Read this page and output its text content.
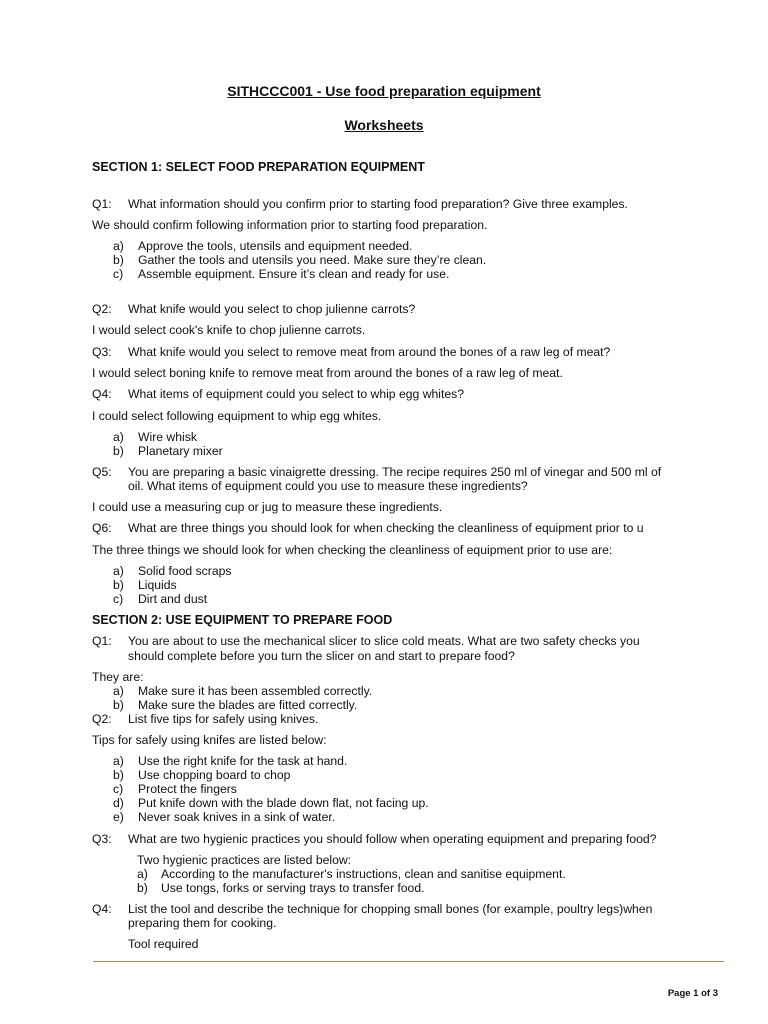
SITHCCC001 - Use food preparation equipment
Worksheets
SECTION 1: SELECT FOOD PREPARATION EQUIPMENT
Q1: What information should you confirm prior to starting food preparation? Give three examples.
We should confirm following information prior to starting food preparation.
a) Approve the tools, utensils and equipment needed.
b) Gather the tools and utensils you need. Make sure they’re clean.
c) Assemble equipment. Ensure it’s clean and ready for use.
Q2: What knife would you select to chop julienne carrots?
I would select cook's knife to chop julienne carrots.
Q3: What knife would you select to remove meat from around the bones of a raw leg of meat?
I would select boning knife to remove meat from around the bones of a raw leg of meat.
Q4: What items of equipment could you select to whip egg whites?
I could select following equipment to whip egg whites.
a) Wire whisk
b) Planetary mixer
Q5: You are preparing a basic vinaigrette dressing. The recipe requires 250 ml of vinegar and 500 ml of
oil. What items of equipment could you use to measure these ingredients?
I could use a measuring cup or jug to measure these ingredients.
Q6: What are three things you should look for when checking the cleanliness of equipment prior to u
The three things we should look for when checking the cleanliness of equipment prior to use are:
a) Solid food scraps
b) Liquids
c) Dirt and dust
SECTION 2: USE EQUIPMENT TO PREPARE FOOD
Q1: You are about to use the mechanical slicer to slice cold meats. What are two safety checks you
should complete before you turn the slicer on and start to prepare food?
They are:
a) Make sure it has been assembled correctly.
b) Make sure the blades are fitted correctly.
Q2: List five tips for safely using knives.
Tips for safely using knifes are listed below:
a) Use the right knife for the task at hand.
b) Use chopping board to chop
c) Protect the fingers
d) Put knife down with the blade down flat, not facing up.
e) Never soak knives in a sink of water.
Q3: What are two hygienic practices you should follow when operating equipment and preparing food?
Two hygienic practices are listed below:
a) According to the manufacturer's instructions, clean and sanitise equipment.
b) Use tongs, forks or serving trays to transfer food.
Q4: List the tool and describe the technique for chopping small bones (for example, poultry legs)when
preparing them for cooking.
Tool required
Page 1 of 3
